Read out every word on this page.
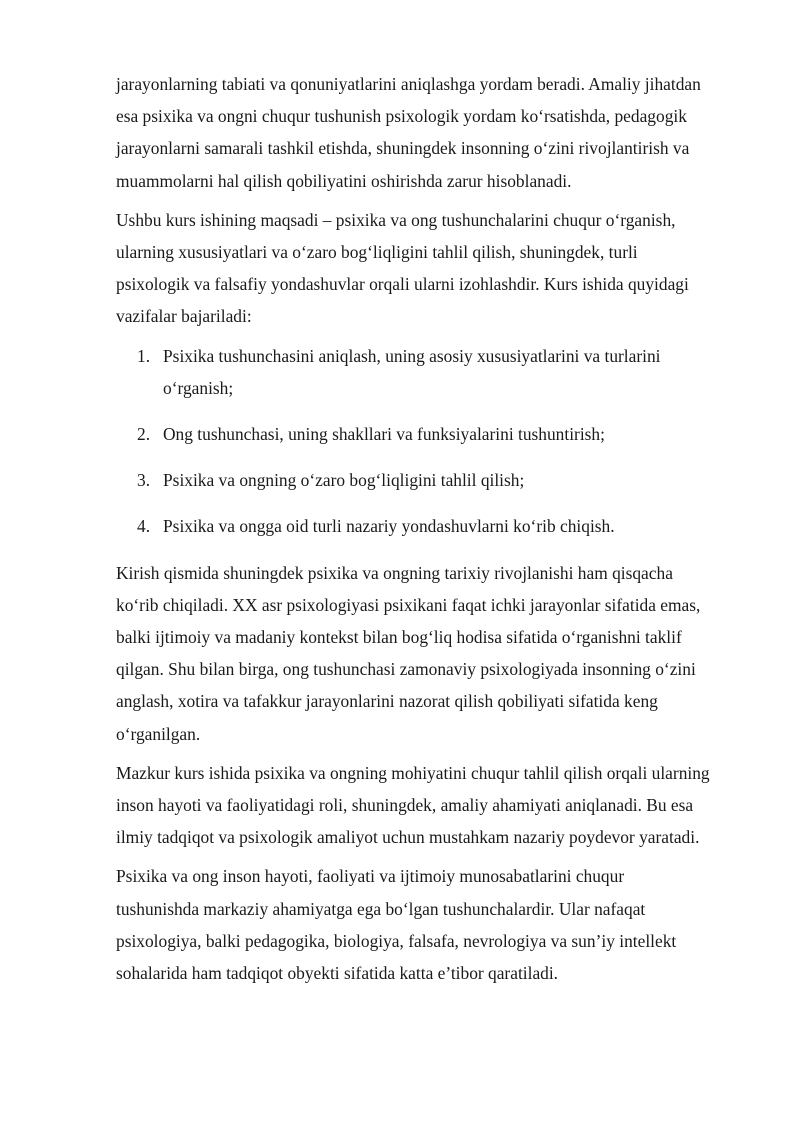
jarayonlarning tabiati va qonuniyatlarini aniqlashga yordam beradi. Amaliy jihatdan esa psixika va ongni chuqur tushunish psixologik yordam ko‘rsatishda, pedagogik jarayonlarni samarali tashkil etishda, shuningdek insonning o‘zini rivojlantirish va muammolarni hal qilish qobiliyatini oshirishda zarur hisoblanadi.

Ushbu kurs ishining maqsadi – psixika va ong tushunchalarini chuqur o‘rganish, ularning xususiyatlari va o‘zaro bog‘liqligini tahlil qilish, shuningdek, turli psixologik va falsafiy yondashuvlar orqali ularni izohlashdir. Kurs ishida quyidagi vazifalar bajariladi:

1. Psixika tushunchasini aniqlash, uning asosiy xususiyatlarini va turlarini o‘rganish;
2. Ong tushunchasi, uning shakllari va funksiyalarini tushuntirish;
3. Psixika va ongning o‘zaro bog‘liqligini tahlil qilish;
4. Psixika va ongga oid turli nazariy yondashuvlarni ko‘rib chiqish.

Kirish qismida shuningdek psixika va ongning tarixiy rivojlanishi ham qisqacha ko‘rib chiqiladi. XX asr psixologiyasi psixikani faqat ichki jarayonlar sifatida emas, balki ijtimoiy va madaniy kontekst bilan bog‘liq hodisa sifatida o‘rganishni taklif qilgan. Shu bilan birga, ong tushunchasi zamonaviy psixologiyada insonning o‘zini anglash, xotira va tafakkur jarayonlarini nazorat qilish qobiliyati sifatida keng o‘rganilgan.

Mazkur kurs ishida psixika va ongning mohiyatini chuqur tahlil qilish orqali ularning inson hayoti va faoliyatidagi roli, shuningdek, amaliy ahamiyati aniqlanadi. Bu esa ilmiy tadqiqot va psixologik amaliyot uchun mustahkam nazariy poydevor yaratadi.

Psixika va ong inson hayoti, faoliyati va ijtimoiy munosabatlarini chuqur tushunishda markaziy ahamiyatga ega bo‘lgan tushunchalardir. Ular nafaqat psixologiya, balki pedagogika, biologiya, falsafa, nevrologiya va sun’iy intellekt sohalarida ham tadqiqot obyekti sifatida katta e’tibor qaratiladi.
